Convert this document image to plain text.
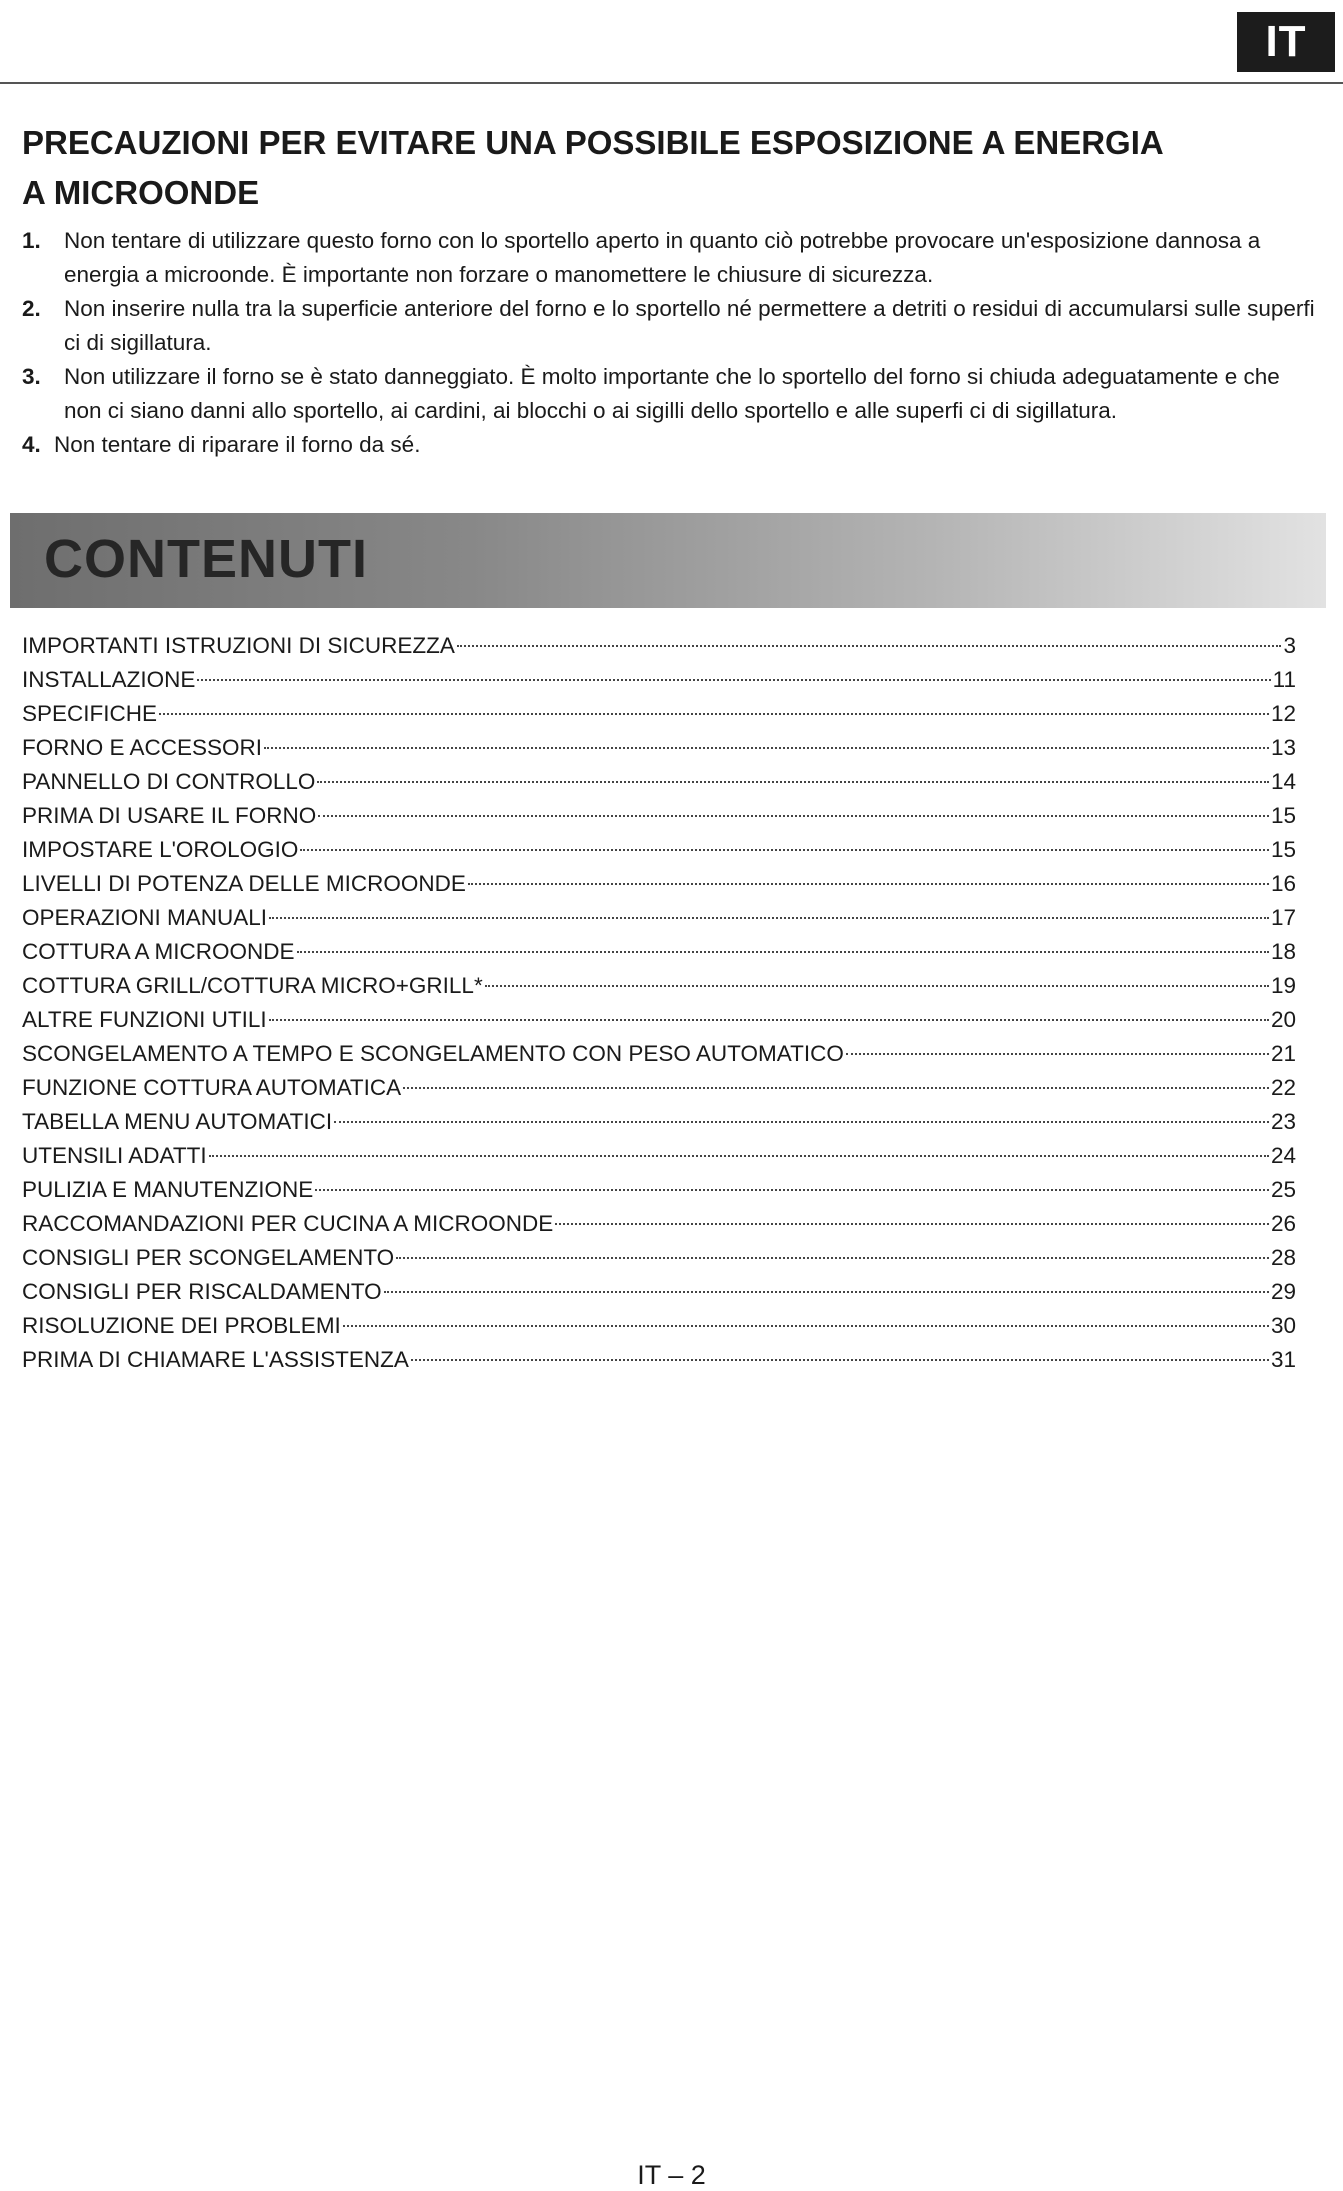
IT
PRECAUZIONI PER EVITARE UNA POSSIBILE ESPOSIZIONE A ENERGIA
A MICROONDE
1. Non tentare di utilizzare questo forno con lo sportello aperto in quanto ciò potrebbe provocare un'esposizione dannosa a energia a microonde. È importante non forzare o manomettere le chiusure di sicurezza.
2. Non inserire nulla tra la superficie anteriore del forno e lo sportello né permettere a detriti o residui di accumularsi sulle superfi ci di sigillatura.
3. Non utilizzare il forno se è stato danneggiato. È molto importante che lo sportello del forno si chiuda adeguatamente e che non ci siano danni allo sportello, ai cardini, ai blocchi o ai sigilli dello sportello e alle superfi ci di sigillatura.
4. Non tentare di riparare il forno da sé.
CONTENUTI
IMPORTANTI ISTRUZIONI DI SICUREZZA	3
INSTALLAZIONE	11
SPECIFICHE	12
FORNO E ACCESSORI	13
PANNELLO DI CONTROLLO	14
PRIMA DI USARE IL FORNO	15
IMPOSTARE L'OROLOGIO	15
LIVELLI DI POTENZA DELLE MICROONDE	16
OPERAZIONI MANUALI	17
COTTURA A MICROONDE	18
COTTURA GRILL/COTTURA MICRO+GRILL*	19
ALTRE FUNZIONI UTILI	20
SCONGELAMENTO A TEMPO E SCONGELAMENTO CON PESO AUTOMATICO	21
FUNZIONE COTTURA AUTOMATICA	22
TABELLA MENU AUTOMATICI	23
UTENSILI ADATTI	24
PULIZIA E MANUTENZIONE	25
RACCOMANDAZIONI PER CUCINA A MICROONDE	26
CONSIGLI PER SCONGELAMENTO	28
CONSIGLI PER RISCALDAMENTO	29
RISOLUZIONE DEI PROBLEMI	30
PRIMA DI CHIAMARE L'ASSISTENZA	31
IT – 2
